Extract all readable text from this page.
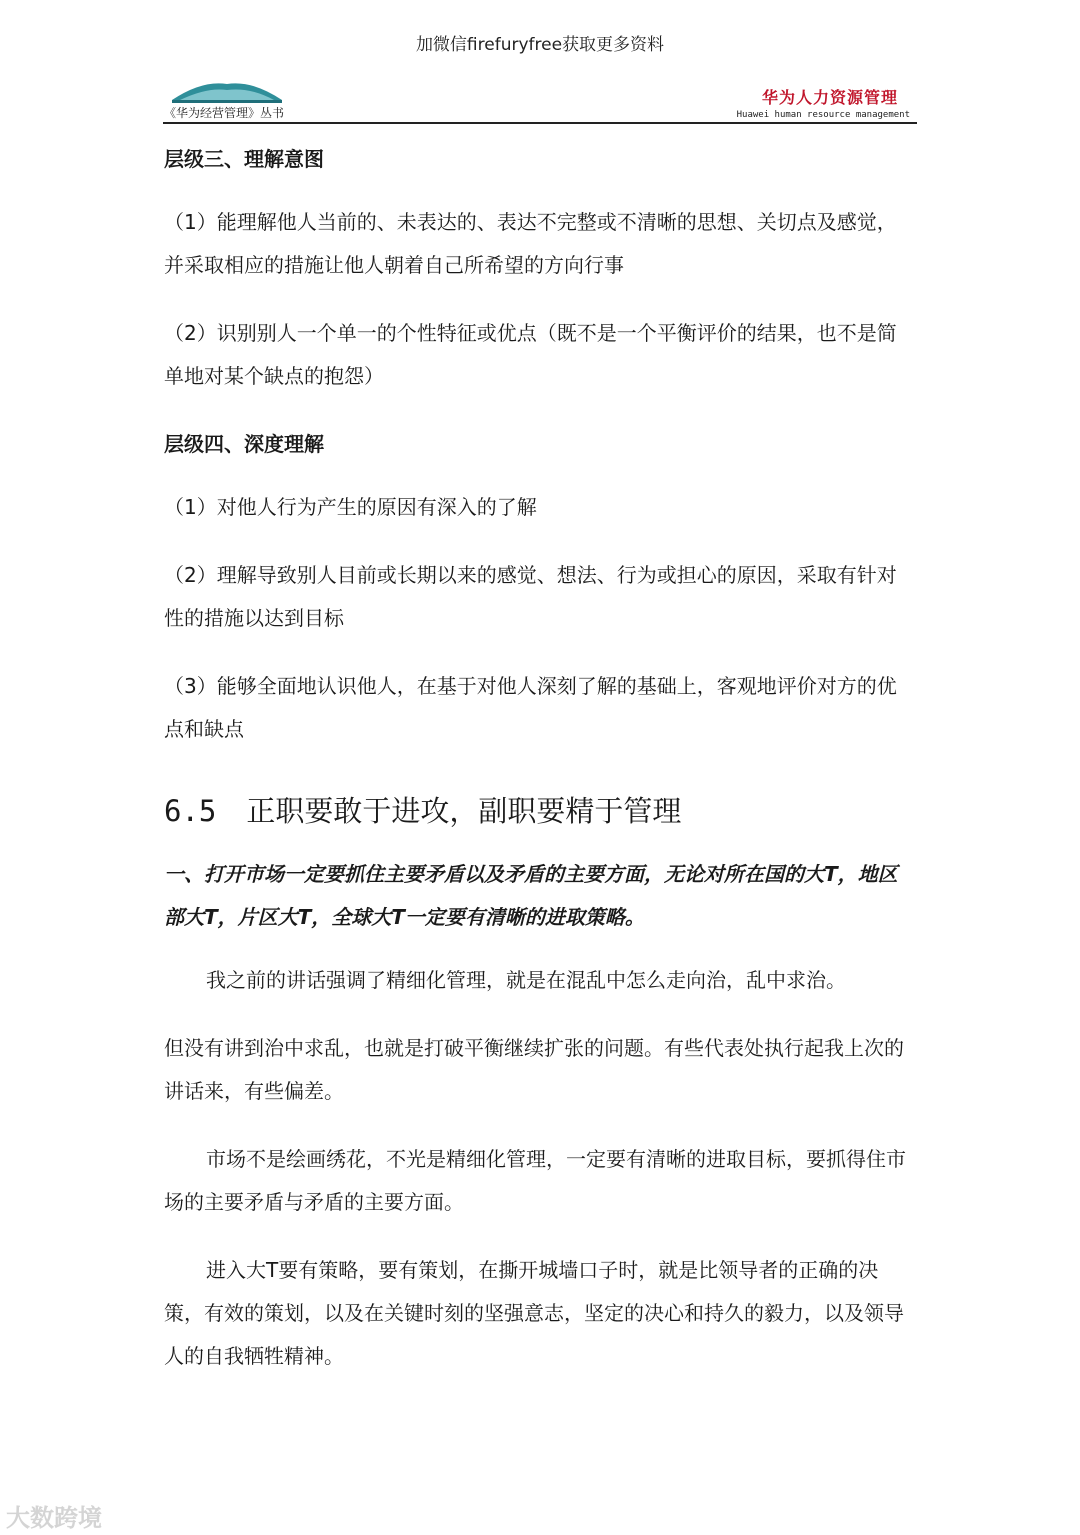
加微信firefuryfree获取更多资料
《华为经营管理》丛书
华为人力资源管理
Huawei human resource management

层级三、理解意图

（1）能理解他人当前的、未表达的、表达不完整或不清晰的思想、关切点及感觉，并采取相应的措施让他人朝着自己所希望的方向行事

（2）识别别人一个单一的个性特征或优点（既不是一个平衡评价的结果，也不是简单地对某个缺点的抱怨）

层级四、深度理解

（1）对他人行为产生的原因有深入的了解

（2）理解导致别人目前或长期以来的感觉、想法、行为或担心的原因，采取有针对性的措施以达到目标

（3）能够全面地认识他人，在基于对他人深刻了解的基础上，客观地评价对方的优点和缺点

6.5 正职要敢于进攻，副职要精于管理

一、打开市场一定要抓住主要矛盾以及矛盾的主要方面，无论对所在国的大T，地区部大T，片区大T，全球大T一定要有清晰的进取策略。

我之前的讲话强调了精细化管理，就是在混乱中怎么走向治，乱中求治。

但没有讲到治中求乱，也就是打破平衡继续扩张的问题。有些代表处执行起我上次的讲话来，有些偏差。

市场不是绘画绣花，不光是精细化管理，一定要有清晰的进取目标，要抓得住市场的主要矛盾与矛盾的主要方面。

进入大T要有策略，要有策划，在撕开城墙口子时，就是比领导者的正确的决策，有效的策划，以及在关键时刻的坚强意志，坚定的决心和持久的毅力，以及领导人的自我牺牲精神。

大数跨境
